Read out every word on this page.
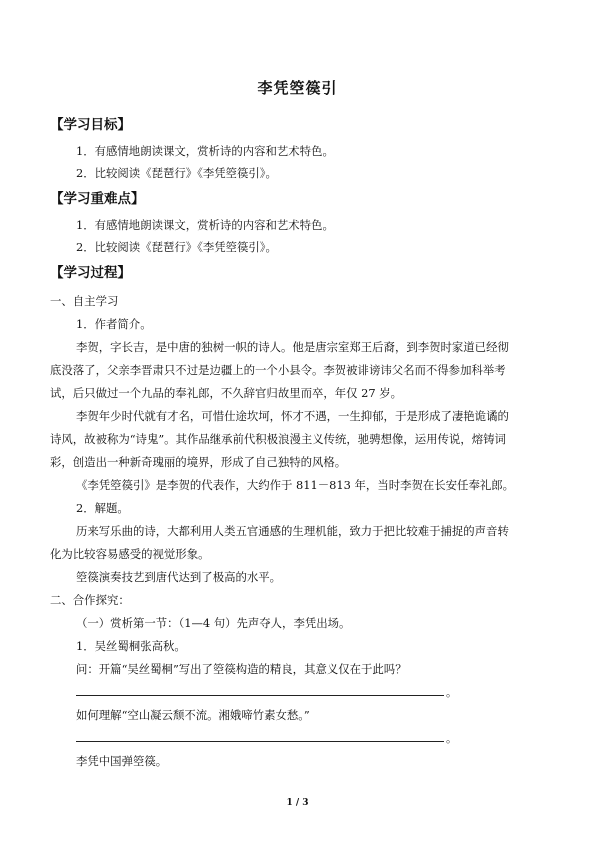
李凭箜篌引
【学习目标】
1．有感情地朗读课文，赏析诗的内容和艺术特色。
2．比较阅读《琵琶行》《李凭箜篌引》。
【学习重难点】
1．有感情地朗读课文，赏析诗的内容和艺术特色。
2．比较阅读《琵琶行》《李凭箜篌引》。
【学习过程】
一、自主学习
1．作者简介。
李贺，字长吉，是中唐的独树一帜的诗人。他是唐宗室郑王后裔，到李贺时家道已经彻
底没落了，父亲李晋肃只不过是边疆上的一个小县令。李贺被诽谤讳父名而不得参加科举考
试，后只做过一个九品的奉礼郎，不久辞官归故里而卒，年仅 27 岁。
李贺年少时代就有才名，可惜仕途坎坷，怀才不遇，一生抑郁，于是形成了凄艳诡谲的
诗风，故被称为“诗鬼”。其作品继承前代积极浪漫主义传统，驰骋想像，运用传说，熔铸词
彩，创造出一种新奇瑰丽的境界，形成了自己独特的风格。
《李凭箜篌引》是李贺的代表作，大约作于 811－813 年，当时李贺在长安任奉礼郎。
2．解题。
历来写乐曲的诗，大都利用人类五官通感的生理机能，致力于把比较难于捕捉的声音转
化为比较容易感受的视觉形象。
箜篌演奏技艺到唐代达到了极高的水平。
二、合作探究：
（一）赏析第一节：（1—4 句）先声夺人，李凭出场。
1．吴丝蜀桐张高秋。
问：开篇“吴丝蜀桐”写出了箜篌构造的精良，其意义仅在于此吗？
。
如何理解“空山凝云颓不流。湘娥啼竹素女愁。”
。
李凭中国弹箜篌。
1 / 3
